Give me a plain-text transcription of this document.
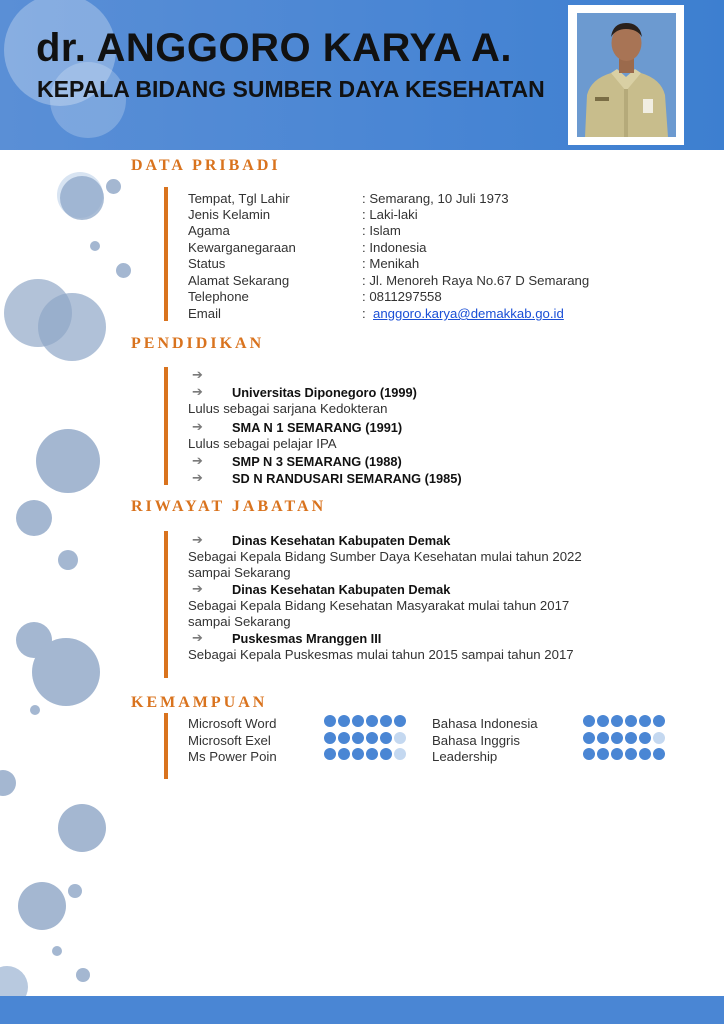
dr. ANGGORO KARYA A.
KEPALA BIDANG SUMBER DAYA KESEHATAN
DATA PRIBADI
Tempat, Tgl Lahir	: Semarang, 10 Juli 1973
Jenis Kelamin	: Laki-laki
Agama	: Islam
Kewarganegaraan	: Indonesia
Status	: Menikah
Alamat Sekarang	: Jl. Menoreh Raya No.67 D Semarang
Telephone	: 0811297558
Email	: anggoro.karya@demakkab.go.id
PENDIDIKAN
➔
➔ Universitas Diponegoro (1999)
Lulus sebagai sarjana Kedokteran
➔ SMA N 1 SEMARANG (1991)
Lulus sebagai pelajar IPA
➔ SMP N 3 SEMARANG (1988)
➔ SD N RANDUSARI SEMARANG (1985)
RIWAYAT JABATAN
➔ Dinas Kesehatan Kabupaten Demak
Sebagai Kepala Bidang Sumber Daya Kesehatan mulai tahun 2022
sampai Sekarang
➔ Dinas Kesehatan Kabupaten Demak
Sebagai Kepala Bidang Kesehatan Masyarakat mulai tahun 2017
sampai Sekarang
➔ Puskesmas Mranggen III
Sebagai Kepala Puskesmas mulai tahun 2015 sampai tahun 2017
KEMAMPUAN
Microsoft Word
Microsoft Exel
Ms Power Poin
Bahasa Indonesia
Bahasa Inggris
Leadership
